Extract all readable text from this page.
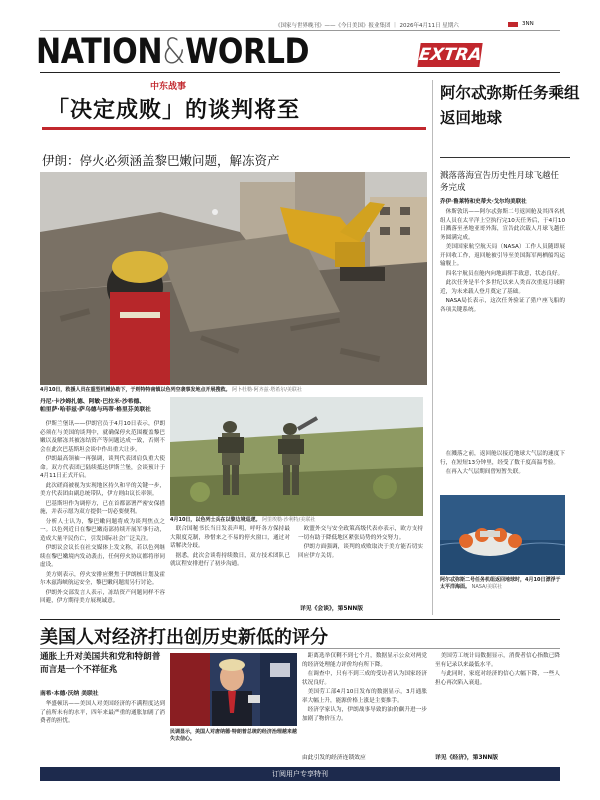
《国家与世界晚刊》——《今日美国》报业集团 ｜ 2026年4月11日 星期六	3NN
NATION&WORLD	EXTRA
中东战事
「决定成败」的谈判将至
伊朗：停火必须涵盖黎巴嫩问题，解冻资产
4月10日，救援人员在重型机械协助下，于则特特南镇以色列空袭事发地点开展搜救。 阿卜杜勒·阿齐兹·塔希尔/美联社
丹尼·卡沙姆扎德、阿敏·巴拉米·沙希德、
帕里萨·哈菲兹·萨乌德与玛蒂·格里芬美联社

伊斯兰堡讯——伊朗官员于4月10日表示，伊朗必须在与美国的谈判中，就确保停火范围覆盖黎巴嫩以及解冻其被冻结资产等问题达成一致，否则不会在此次巴基斯坦会谈中作出重大让步。

伊朗最高领袖一再强调，谈判代表团肩负重大使命。双方代表团已陆续抵达伊斯兰堡，会谈预计于4月11日正式开启。

此次磋商被视为实现地区持久和平的关键一步，美方代表团由副总统带队，伊方则由议长率领。

巴基斯坦作为调停方，已在首都部署严密安保措施，并表示愿为双方提供一切必要便利。

分析人士认为，黎巴嫩问题将成为谈判焦点之一。以色列近日在黎巴嫩南部持续开展军事行动，造成大量平民伤亡，引发国际社会广泛关注。

伊朗议会议长在社交媒体上发文称，若以色列继续在黎巴嫩境内发动袭击，任何停火协议都将形同虚设。

美方则表示，停火安排应聚焦于伊朗核计划及霍尔木兹海峡航运安全，黎巴嫩问题需另行讨论。

伊朗外交部发言人表示，冻结资产问题同样不容回避，伊方期待美方展现诚意。

4月10日，以色列士兵在以黎边境巡逻。 阿里埃勒·沙利特/美联社

联合国秘书长当日发表声明，呼吁各方保持最大限度克制，珍惜来之不易的停火窗口，通过对话解决分歧。

据悉，此次会谈将持续数日，双方技术团队已就议程安排进行了初步沟通。

欧盟外交与安全政策高级代表亦表示，欧方支持一切有助于降低地区紧张局势的外交努力。

伊朗方面强调，谈判的成败取决于美方能否切实回应伊方关切。

详见《会谈》，第5NN版
阿尔忒弥斯任务乘组返回地球
溅落落海宣告历史性月球飞越任务完成
乔伊·鲁莱特和史蒂夫·戈尔均美联社

休斯敦讯——阿尔忒弥斯二号返回舱及其四名机组人员在太平洋上空执行完10天任务后，于4月10日溅落至圣地亚哥外海，宣告此次载人月球飞越任务圆满完成。

美国国家航空航天局（NASA）工作人员随即展开回收工作，返回舱被引导至美国海军两栖船坞运输舰上。

四名宇航员在舱内向地面挥手致意，状态良好。

此次任务是半个多世纪以来人类首次重返月球附近，为未来载人登月奠定了基础。

NASA局长表示，这次任务验证了猎户座飞船的各项关键系统。

在溅落之前，返回舱以接近地球大气层的速度下行，在短短13分钟里，经受了数千度高温考验。

在再入大气层期间曾短暂失联。

阿尔忒弥斯二号任务机组返回地球时，4月10日漂浮于太平洋海面。 NASA/美联社
美国人对经济打出创历史新低的评分
通胀上升对美国共和党和特朗普而言是一个不祥征兆
南希·本德·沃纳 美联社

华盛顿讯——美国人对美国经济的不满程度达到了前所未有的水平，四年来最严重的通胀加剧了消费者的担忧。

民调显示，美国人对唐纳德·特朗普总统的经济治理越来越失去信心。

距离选举仅剩不到七个月，数据显示公众对两党的经济处理能力评价均有所下降。

在调查中，只有不到三成的受访者认为国家经济状况良好。

美国劳工部4月10日发布的数据显示，3月通胀率大幅上升，能源价格上涨是主要推手。

经济学家认为，伊朗战事导致的油价飙升进一步加剧了物价压力。

由此引发的经济连锁效应

美国劳工统计局数据显示，消费者信心指数已降至有记录以来最低水平。

与此同时，家庭对经济的信心大幅下降，一些人担心再次陷入衰退。

详见《经济》，第3NN版
订阅用户专享特刊
